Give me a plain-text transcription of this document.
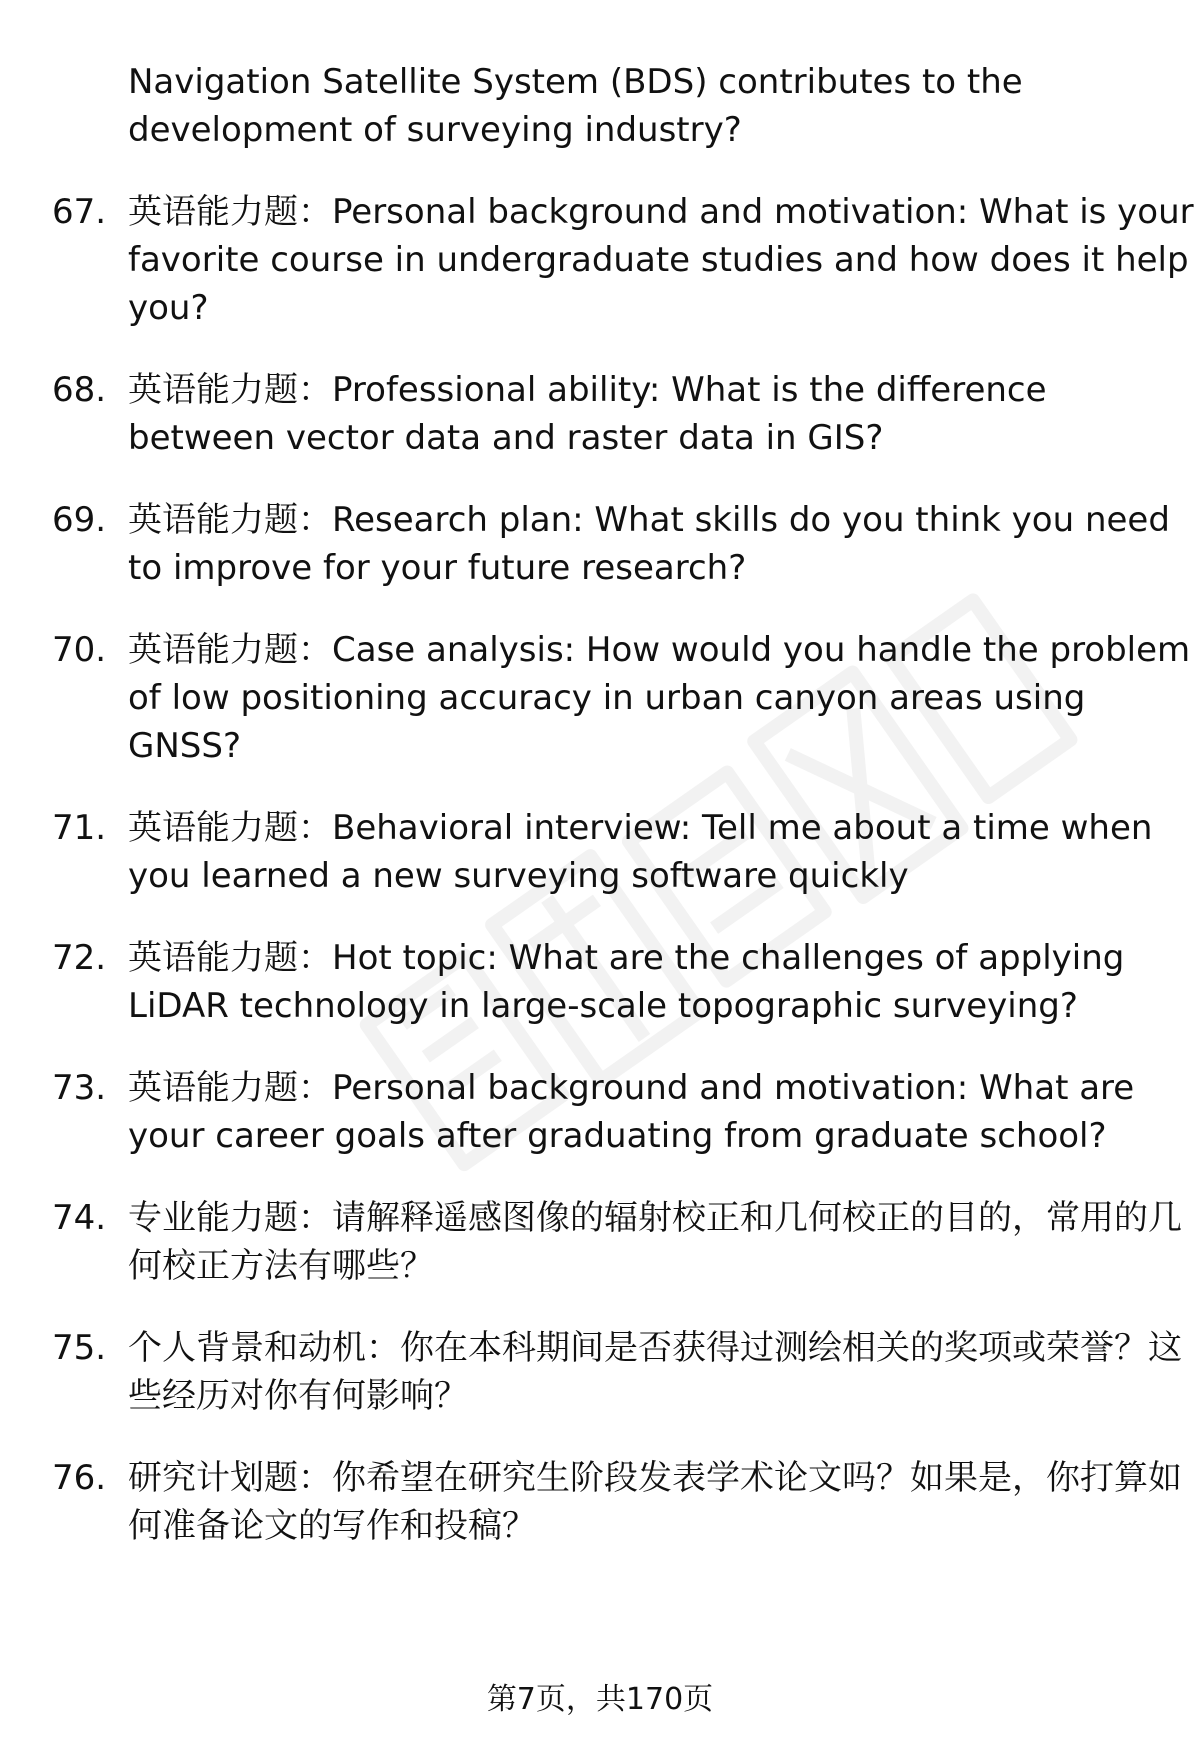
Navigation Satellite System (BDS) contributes to the development of surveying industry?
67. 英语能力题：Personal background and motivation: What is your favorite course in undergraduate studies and how does it help you?
68. 英语能力题：Professional ability: What is the difference between vector data and raster data in GIS?
69. 英语能力题：Research plan: What skills do you think you need to improve for your future research?
70. 英语能力题：Case analysis: How would you handle the problem of low positioning accuracy in urban canyon areas using GNSS?
71. 英语能力题：Behavioral interview: Tell me about a time when you learned a new surveying software quickly
72. 英语能力题：Hot topic: What are the challenges of applying LiDAR technology in large-scale topographic surveying?
73. 英语能力题：Personal background and motivation: What are your career goals after graduating from graduate school?
74. 专业能力题：请解释遥感图像的辐射校正和几何校正的目的，常用的几何校正方法有哪些？
75. 个人背景和动机：你在本科期间是否获得过测绘相关的奖项或荣誉？这些经历对你有何影响？
76. 研究计划题：你希望在研究生阶段发表学术论文吗？如果是，你打算如何准备论文的写作和投稿？
第7页，共170页
